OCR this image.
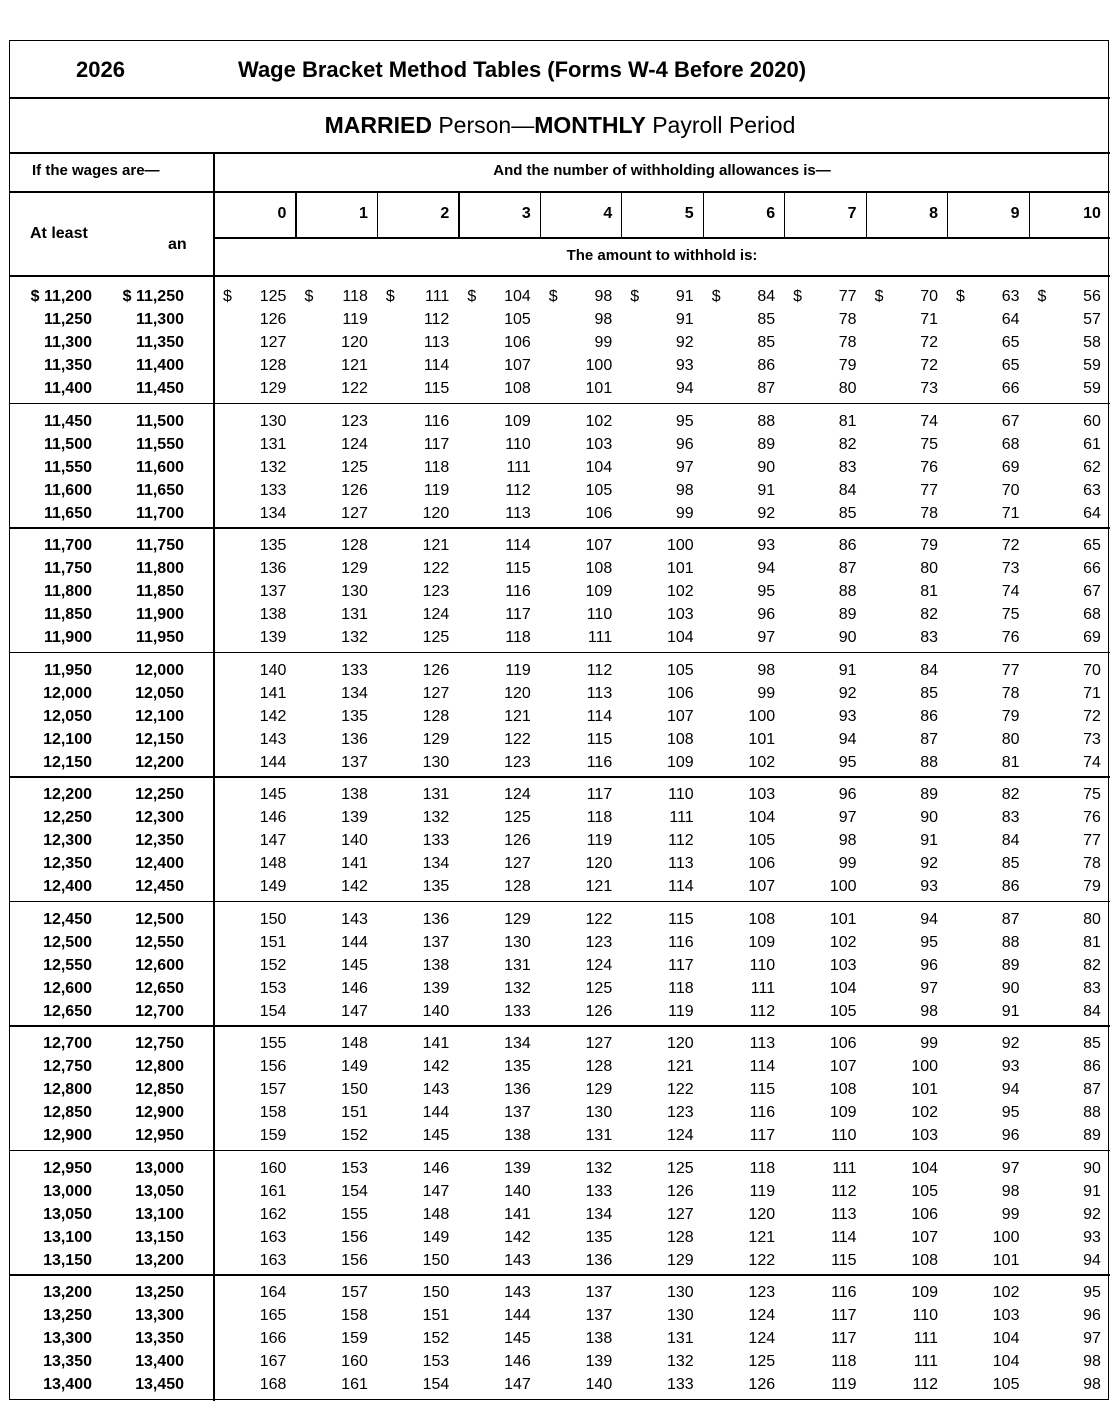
2026	Wage Bracket Method Tables (Forms W-4 Before 2020)
MARRIED Person—MONTHLY Payroll Period
If the wages are—	And the number of withholding allowances is—
At least
an
0	1	2	3	4	5	6	7	8	9	10
The amount to withhold is:
$ 11,200	$ 11,250 $	125 $	118 $	111 $	104 $	98 $	91 $	84 $	77 $	70 $	63 $	56
11,250	11,300	126	119	112	105	98	91	85	78	71	64	57
11,300	11,350	127	120	113	106	99	92	85	78	72	65	58
11,350	11,400	128	121	114	107	100	93	86	79	72	65	59
11,400	11,450	129	122	115	108	101	94	87	80	73	66	59
11,450	11,500	130	123	116	109	102	95	88	81	74	67	60
11,500	11,550	131	124	117	110	103	96	89	82	75	68	61
11,550	11,600	132	125	118	111	104	97	90	83	76	69	62
11,600	11,650	133	126	119	112	105	98	91	84	77	70	63
11,650	11,700	134	127	120	113	106	99	92	85	78	71	64
11,700	11,750	135	128	121	114	107	100	93	86	79	72	65
11,750	11,800	136	129	122	115	108	101	94	87	80	73	66
11,800	11,850	137	130	123	116	109	102	95	88	81	74	67
11,850	11,900	138	131	124	117	110	103	96	89	82	75	68
11,900	11,950	139	132	125	118	111	104	97	90	83	76	69
11,950	12,000	140	133	126	119	112	105	98	91	84	77	70
12,000	12,050	141	134	127	120	113	106	99	92	85	78	71
12,050	12,100	142	135	128	121	114	107	100	93	86	79	72
12,100	12,150	143	136	129	122	115	108	101	94	87	80	73
12,150	12,200	144	137	130	123	116	109	102	95	88	81	74
12,200	12,250	145	138	131	124	117	110	103	96	89	82	75
12,250	12,300	146	139	132	125	118	111	104	97	90	83	76
12,300	12,350	147	140	133	126	119	112	105	98	91	84	77
12,350	12,400	148	141	134	127	120	113	106	99	92	85	78
12,400	12,450	149	142	135	128	121	114	107	100	93	86	79
12,450	12,500	150	143	136	129	122	115	108	101	94	87	80
12,500	12,550	151	144	137	130	123	116	109	102	95	88	81
12,550	12,600	152	145	138	131	124	117	110	103	96	89	82
12,600	12,650	153	146	139	132	125	118	111	104	97	90	83
12,650	12,700	154	147	140	133	126	119	112	105	98	91	84
12,700	12,750	155	148	141	134	127	120	113	106	99	92	85
12,750	12,800	156	149	142	135	128	121	114	107	100	93	86
12,800	12,850	157	150	143	136	129	122	115	108	101	94	87
12,850	12,900	158	151	144	137	130	123	116	109	102	95	88
12,900	12,950	159	152	145	138	131	124	117	110	103	96	89
12,950	13,000	160	153	146	139	132	125	118	111	104	97	90
13,000	13,050	161	154	147	140	133	126	119	112	105	98	91
13,050	13,100	162	155	148	141	134	127	120	113	106	99	92
13,100	13,150	163	156	149	142	135	128	121	114	107	100	93
13,150	13,200	163	156	150	143	136	129	122	115	108	101	94
13,200	13,250	164	157	150	143	137	130	123	116	109	102	95
13,250	13,300	165	158	151	144	137	130	124	117	110	103	96
13,300	13,350	166	159	152	145	138	131	124	117	111	104	97
13,350	13,400	167	160	153	146	139	132	125	118	111	104	98
13,400	13,450	168	161	154	147	140	133	126	119	112	105	98
